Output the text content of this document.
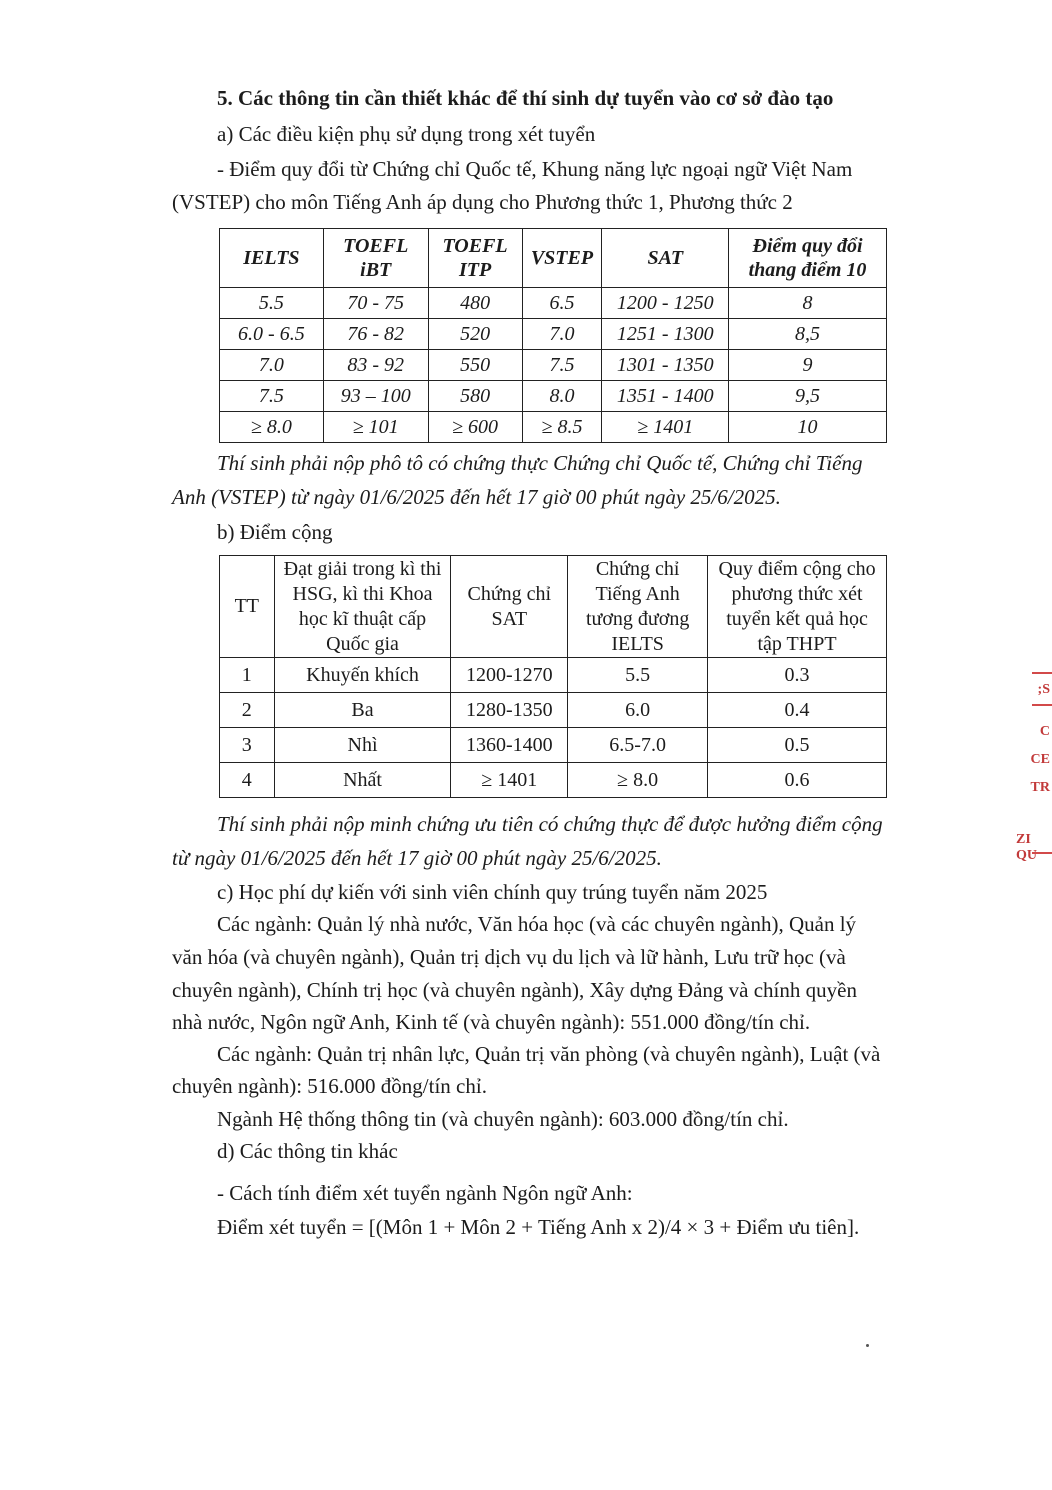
5. Các thông tin cần thiết khác để thí sinh dự tuyển vào cơ sở đào tạo

a) Các điều kiện phụ sử dụng trong xét tuyển

- Điểm quy đổi từ Chứng chỉ Quốc tế, Khung năng lực ngoại ngữ Việt Nam

(VSTEP) cho môn Tiếng Anh áp dụng cho Phương thức 1, Phương thức 2

IELTS	TOEFL iBT	TOEFL ITP	VSTEP	SAT	Điểm quy đổi thang điểm 10
5.5	70 - 75	480	6.5	1200 - 1250	8
6.0 - 6.5	76 - 82	520	7.0	1251 - 1300	8,5
7.0	83 - 92	550	7.5	1301 - 1350	9
7.5	93 – 100	580	8.0	1351 - 1400	9,5
≥ 8.0	≥ 101	≥ 600	≥ 8.5	≥ 1401	10

Thí sinh phải nộp phô tô có chứng thực Chứng chỉ Quốc tế, Chứng chỉ Tiếng

Anh (VSTEP) từ ngày 01/6/2025 đến hết 17 giờ 00 phút ngày 25/6/2025.

b) Điểm cộng

TT	Đạt giải trong kì thi HSG, kì thi Khoa học kĩ thuật cấp Quốc gia	Chứng chỉ SAT	Chứng chỉ Tiếng Anh tương đương IELTS	Quy điểm cộng cho phương thức xét tuyển kết quả học tập THPT
1	Khuyến khích	1200-1270	5.5	0.3
2	Ba	1280-1350	6.0	0.4
3	Nhì	1360-1400	6.5-7.0	0.5
4	Nhất	≥ 1401	≥ 8.0	0.6

Thí sinh phải nộp minh chứng ưu tiên có chứng thực để được hưởng điểm cộng

từ ngày 01/6/2025 đến hết 17 giờ 00 phút ngày 25/6/2025.

c) Học phí dự kiến với sinh viên chính quy trúng tuyển năm 2025

Các ngành: Quản lý nhà nước, Văn hóa học (và các chuyên ngành), Quản lý

văn hóa (và chuyên ngành), Quản trị dịch vụ du lịch và lữ hành, Lưu trữ học (và

chuyên ngành), Chính trị học (và chuyên ngành), Xây dựng Đảng và chính quyền

nhà nước, Ngôn ngữ Anh, Kinh tế (và chuyên ngành): 551.000 đồng/tín chỉ.

Các ngành: Quản trị nhân lực, Quản trị văn phòng (và chuyên ngành), Luật (và

chuyên ngành): 516.000 đồng/tín chỉ.

Ngành Hệ thống thông tin (và chuyên ngành): 603.000 đồng/tín chỉ.

d) Các thông tin khác

- Cách tính điểm xét tuyển ngành Ngôn ngữ Anh:

Điểm xét tuyển = [(Môn 1 + Môn 2 + Tiếng Anh x 2)/4 × 3 + Điểm ưu tiên].

;S
C
CE
TR
ZI QU
